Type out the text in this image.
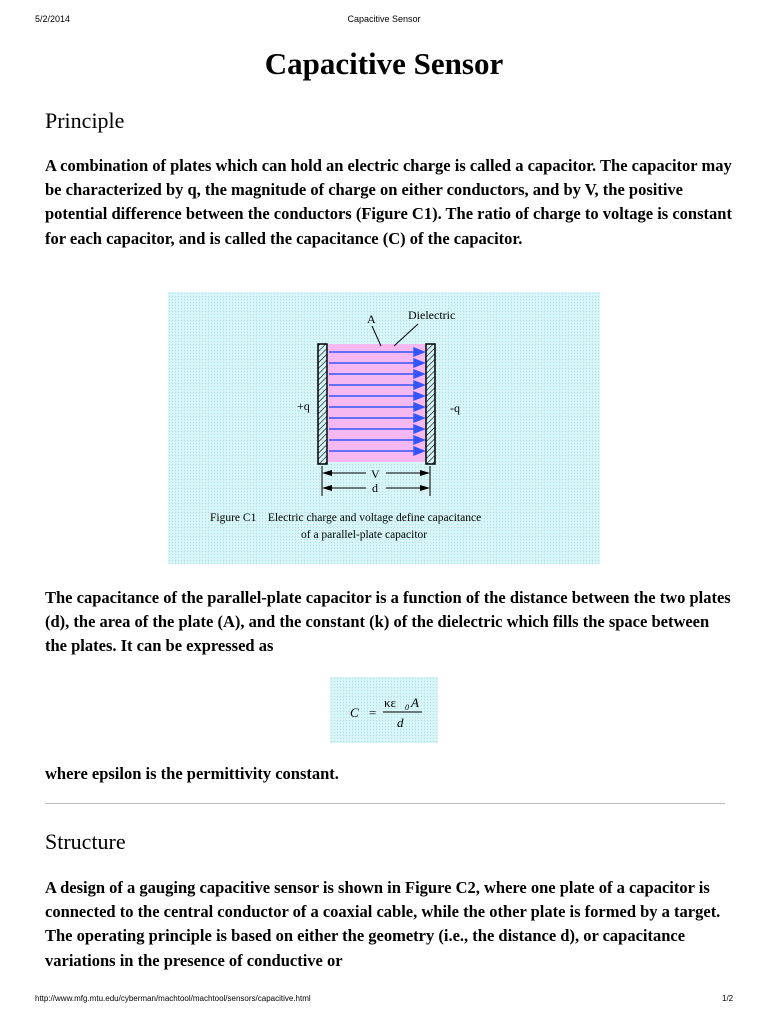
5/2/2014	Capacitive Sensor
Capacitive Sensor
Principle

A combination of plates which can hold an electric charge is called a capacitor. The capacitor may be characterized by q, the magnitude of charge on either conductors, and by V, the positive potential difference between the conductors (Figure C1). The ratio of charge to voltage is constant for each capacitor, and is called the capacitance (C) of the capacitor.

A	Dielectric
+q	-q
V
d
Figure C1    Electric charge and voltage define capacitance
of a parallel-plate capacitor

The capacitance of the parallel-plate capacitor is a function of the distance between the two plates (d), the area of the plate (A), and the constant (k) of the dielectric which fills the space between the plates. It can be expressed as

C =
κε 0 A
d

where epsilon is the permittivity constant.

Structure

A design of a gauging capacitive sensor is shown in Figure C2, where one plate of a capacitor is connected to the central conductor of a coaxial cable, while the other plate is formed by a target. The operating principle is based on either the geometry (i.e., the distance d), or capacitance variations in the presence of conductive or

http://www.mfg.mtu.edu/cyberman/machtool/machtool/sensors/capacitive.html	1/2
